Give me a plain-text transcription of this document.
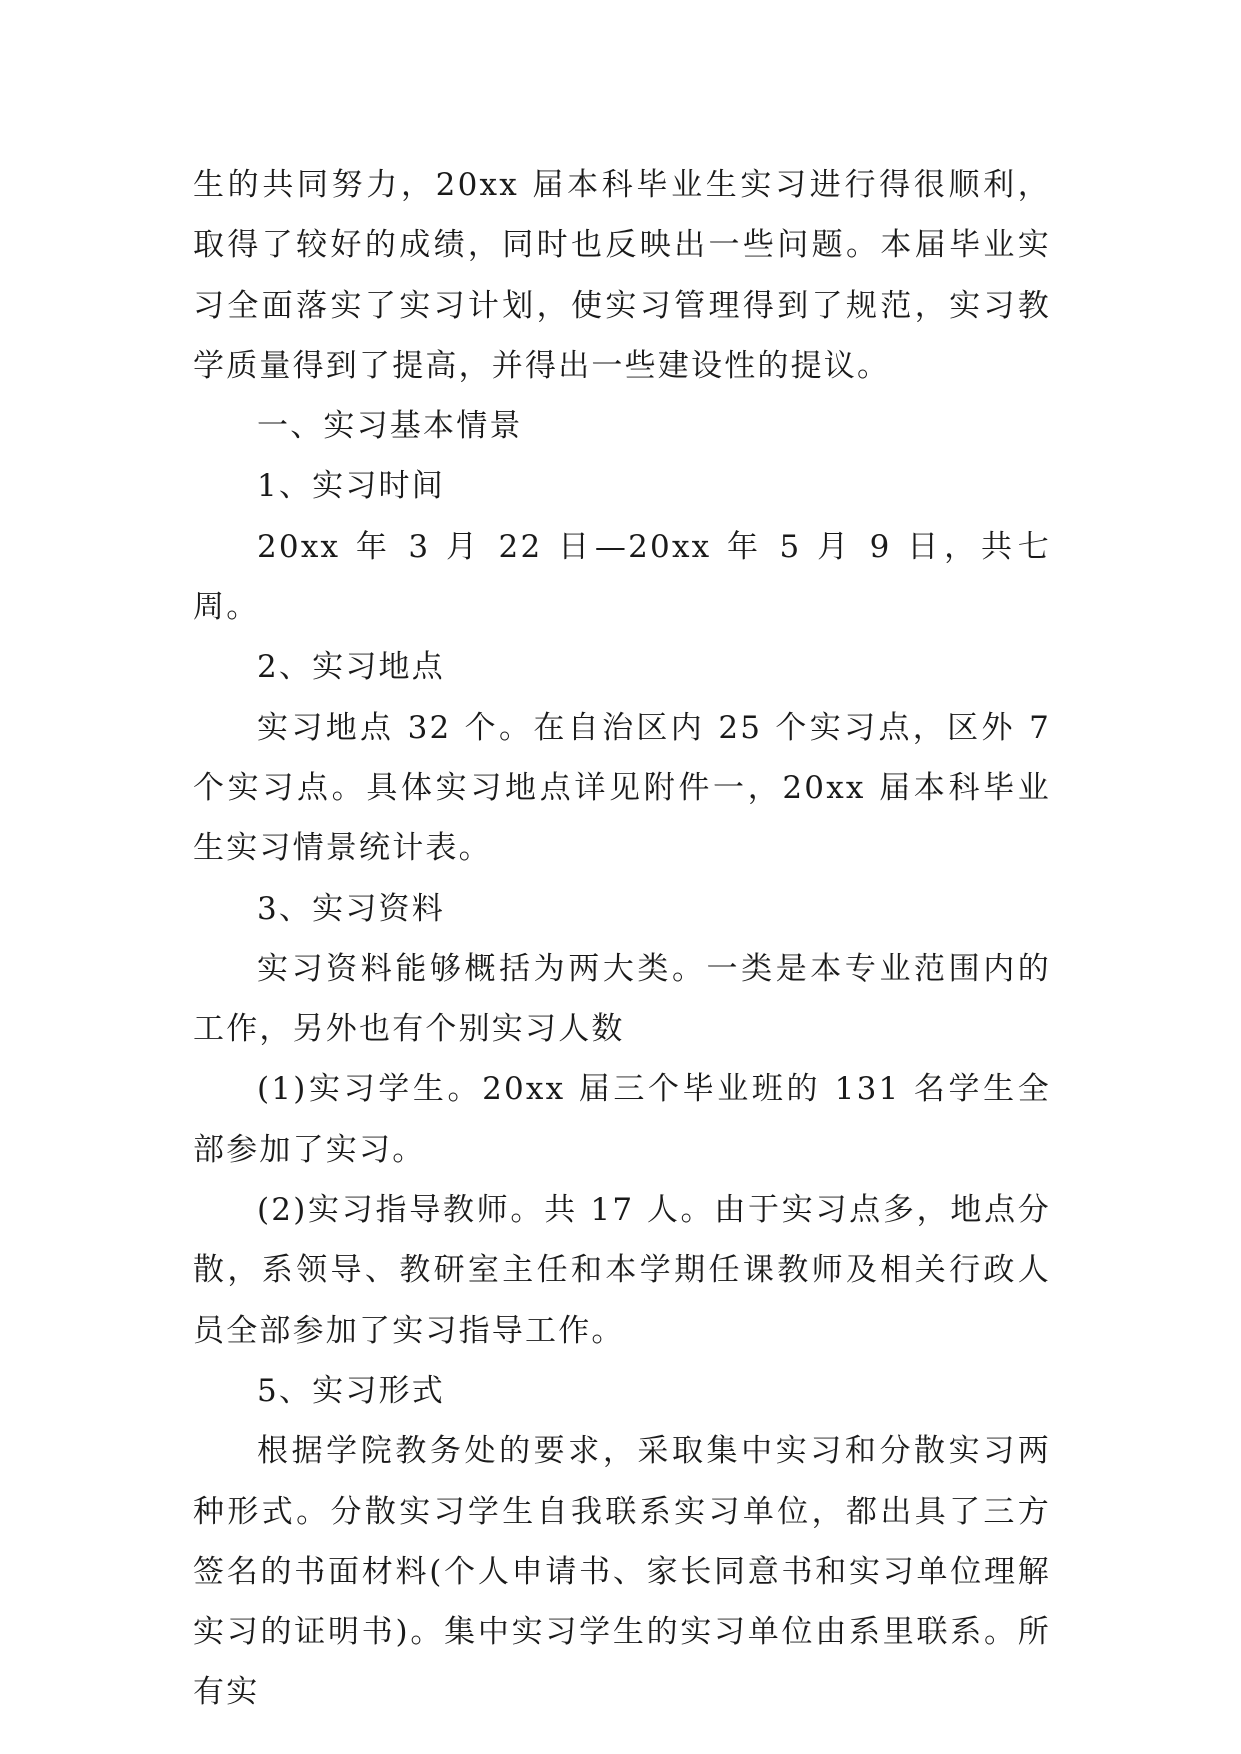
生的共同努力，20xx 届本科毕业生实习进行得很顺利，取得了较好的成绩，同时也反映出一些问题。本届毕业实习全面落实了实习计划，使实习管理得到了规范，实习教学质量得到了提高，并得出一些建设性的提议。

一、实习基本情景

1、实习时间

20xx 年 3 月 22 日—20xx 年 5 月 9 日，共七周。

2、实习地点

实习地点 32 个。在自治区内 25 个实习点，区外 7 个实习点。具体实习地点详见附件一，20xx 届本科毕业生实习情景统计表。

3、实习资料

实习资料能够概括为两大类。一类是本专业范围内的工作，另外也有个别实习人数

(1)实习学生。20xx 届三个毕业班的 131 名学生全部参加了实习。

(2)实习指导教师。共 17 人。由于实习点多，地点分散，系领导、教研室主任和本学期任课教师及相关行政人员全部参加了实习指导工作。

5、实习形式

根据学院教务处的要求，采取集中实习和分散实习两种形式。分散实习学生自我联系实习单位，都出具了三方签名的书面材料(个人申请书、家长同意书和实习单位理解实习的证明书)。集中实习学生的实习单位由系里联系。所有实
